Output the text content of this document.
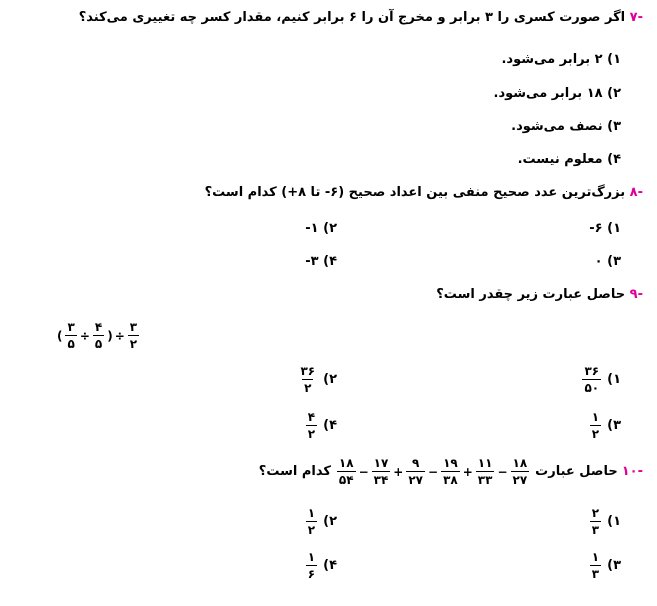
-۷ اگر صورت کسری را ۳ برابر و مخرج آن را ۶ برابر کنیم، مقدار کسر چه تغییری می‌کند؟
۱) ۲ برابر می‌شود.
۲) ۱۸ برابر می‌شود.
۳) نصف می‌شود.
۴) معلوم نیست.
-۸ بزرگ‌ترین عدد صحیح منفی بین اعداد صحیح (۶- تا ۸+) کدام است؟
۱) ۶-
۲) ۱-
۳) ۰
۴) ۳-
-۹ حاصل عبارت زیر چقدر است؟
( $\frac{۳}{۵} \div \frac{۴}{۵}$ ) ÷ $\frac{۳}{۲}$
۱)
$\frac{۳۶}{۵۰}$
۲)
$\frac{۳۶}{۲}$
۳)
$\frac{۱}{۲}$
۴)
$\frac{۴}{۲}$
-۱۰
حاصل عبارت
$\frac{۱۸}{۵۴} - \frac{۱۷}{۳۴} + \frac{۹}{۲۷} - \frac{۱۹}{۳۸} + \frac{۱۱}{۳۳} - \frac{۱۸}{۲۷}$
کدام است؟
۱)
$\frac{۲}{۳}$
۲)
$\frac{۱}{۲}$
۳)
$\frac{۱}{۳}$
۴)
$\frac{۱}{۶}$
